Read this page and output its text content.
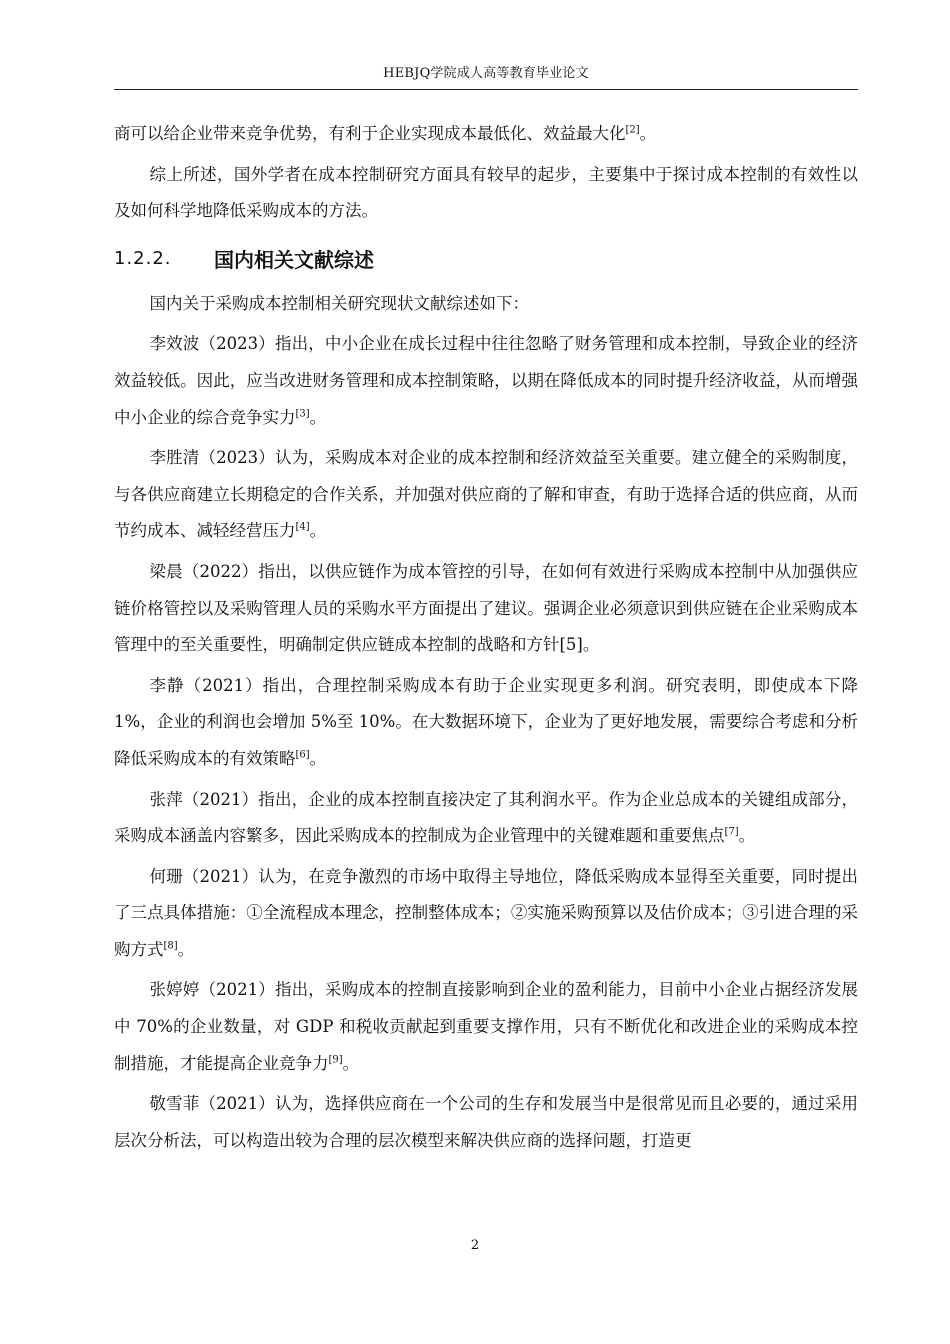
HEBJQ学院成人高等教育毕业论文

商可以给企业带来竞争优势，有利于企业实现成本最低化、效益最大化[2]。

综上所述，国外学者在成本控制研究方面具有较早的起步，主要集中于探讨成本控制的有效性以及如何科学地降低采购成本的方法。

1.2.2.	国内相关文献综述

国内关于采购成本控制相关研究现状文献综述如下：

李效波（2023）指出，中小企业在成长过程中往往忽略了财务管理和成本控制，导致企业的经济效益较低。因此，应当改进财务管理和成本控制策略，以期在降低成本的同时提升经济收益，从而增强中小企业的综合竞争实力[3]。

李胜清（2023）认为，采购成本对企业的成本控制和经济效益至关重要。建立健全的采购制度，与各供应商建立长期稳定的合作关系，并加强对供应商的了解和审查，有助于选择合适的供应商，从而节约成本、减轻经营压力[4]。

梁晨（2022）指出，以供应链作为成本管控的引导，在如何有效进行采购成本控制中从加强供应链价格管控以及采购管理人员的采购水平方面提出了建议。强调企业必须意识到供应链在企业采购成本管理中的至关重要性，明确制定供应链成本控制的战略和方针[5]。

李静（2021）指出，合理控制采购成本有助于企业实现更多利润。研究表明，即使成本下降 1%，企业的利润也会增加 5%至 10%。在大数据环境下，企业为了更好地发展，需要综合考虑和分析降低采购成本的有效策略[6]。

张萍（2021）指出，企业的成本控制直接决定了其利润水平。作为企业总成本的关键组成部分，采购成本涵盖内容繁多，因此采购成本的控制成为企业管理中的关键难题和重要焦点[7]。

何珊（2021）认为，在竞争激烈的市场中取得主导地位，降低采购成本显得至关重要，同时提出了三点具体措施：①全流程成本理念，控制整体成本；②实施采购预算以及估价成本；③引进合理的采购方式[8]。

张婷婷（2021）指出，采购成本的控制直接影响到企业的盈利能力，目前中小企业占据经济发展中 70%的企业数量，对 GDP 和税收贡献起到重要支撑作用，只有不断优化和改进企业的采购成本控制措施，才能提高企业竞争力[9]。

敬雪菲（2021）认为，选择供应商在一个公司的生存和发展当中是很常见而且必要的，通过采用层次分析法，可以构造出较为合理的层次模型来解决供应商的选择问题，打造更

2
